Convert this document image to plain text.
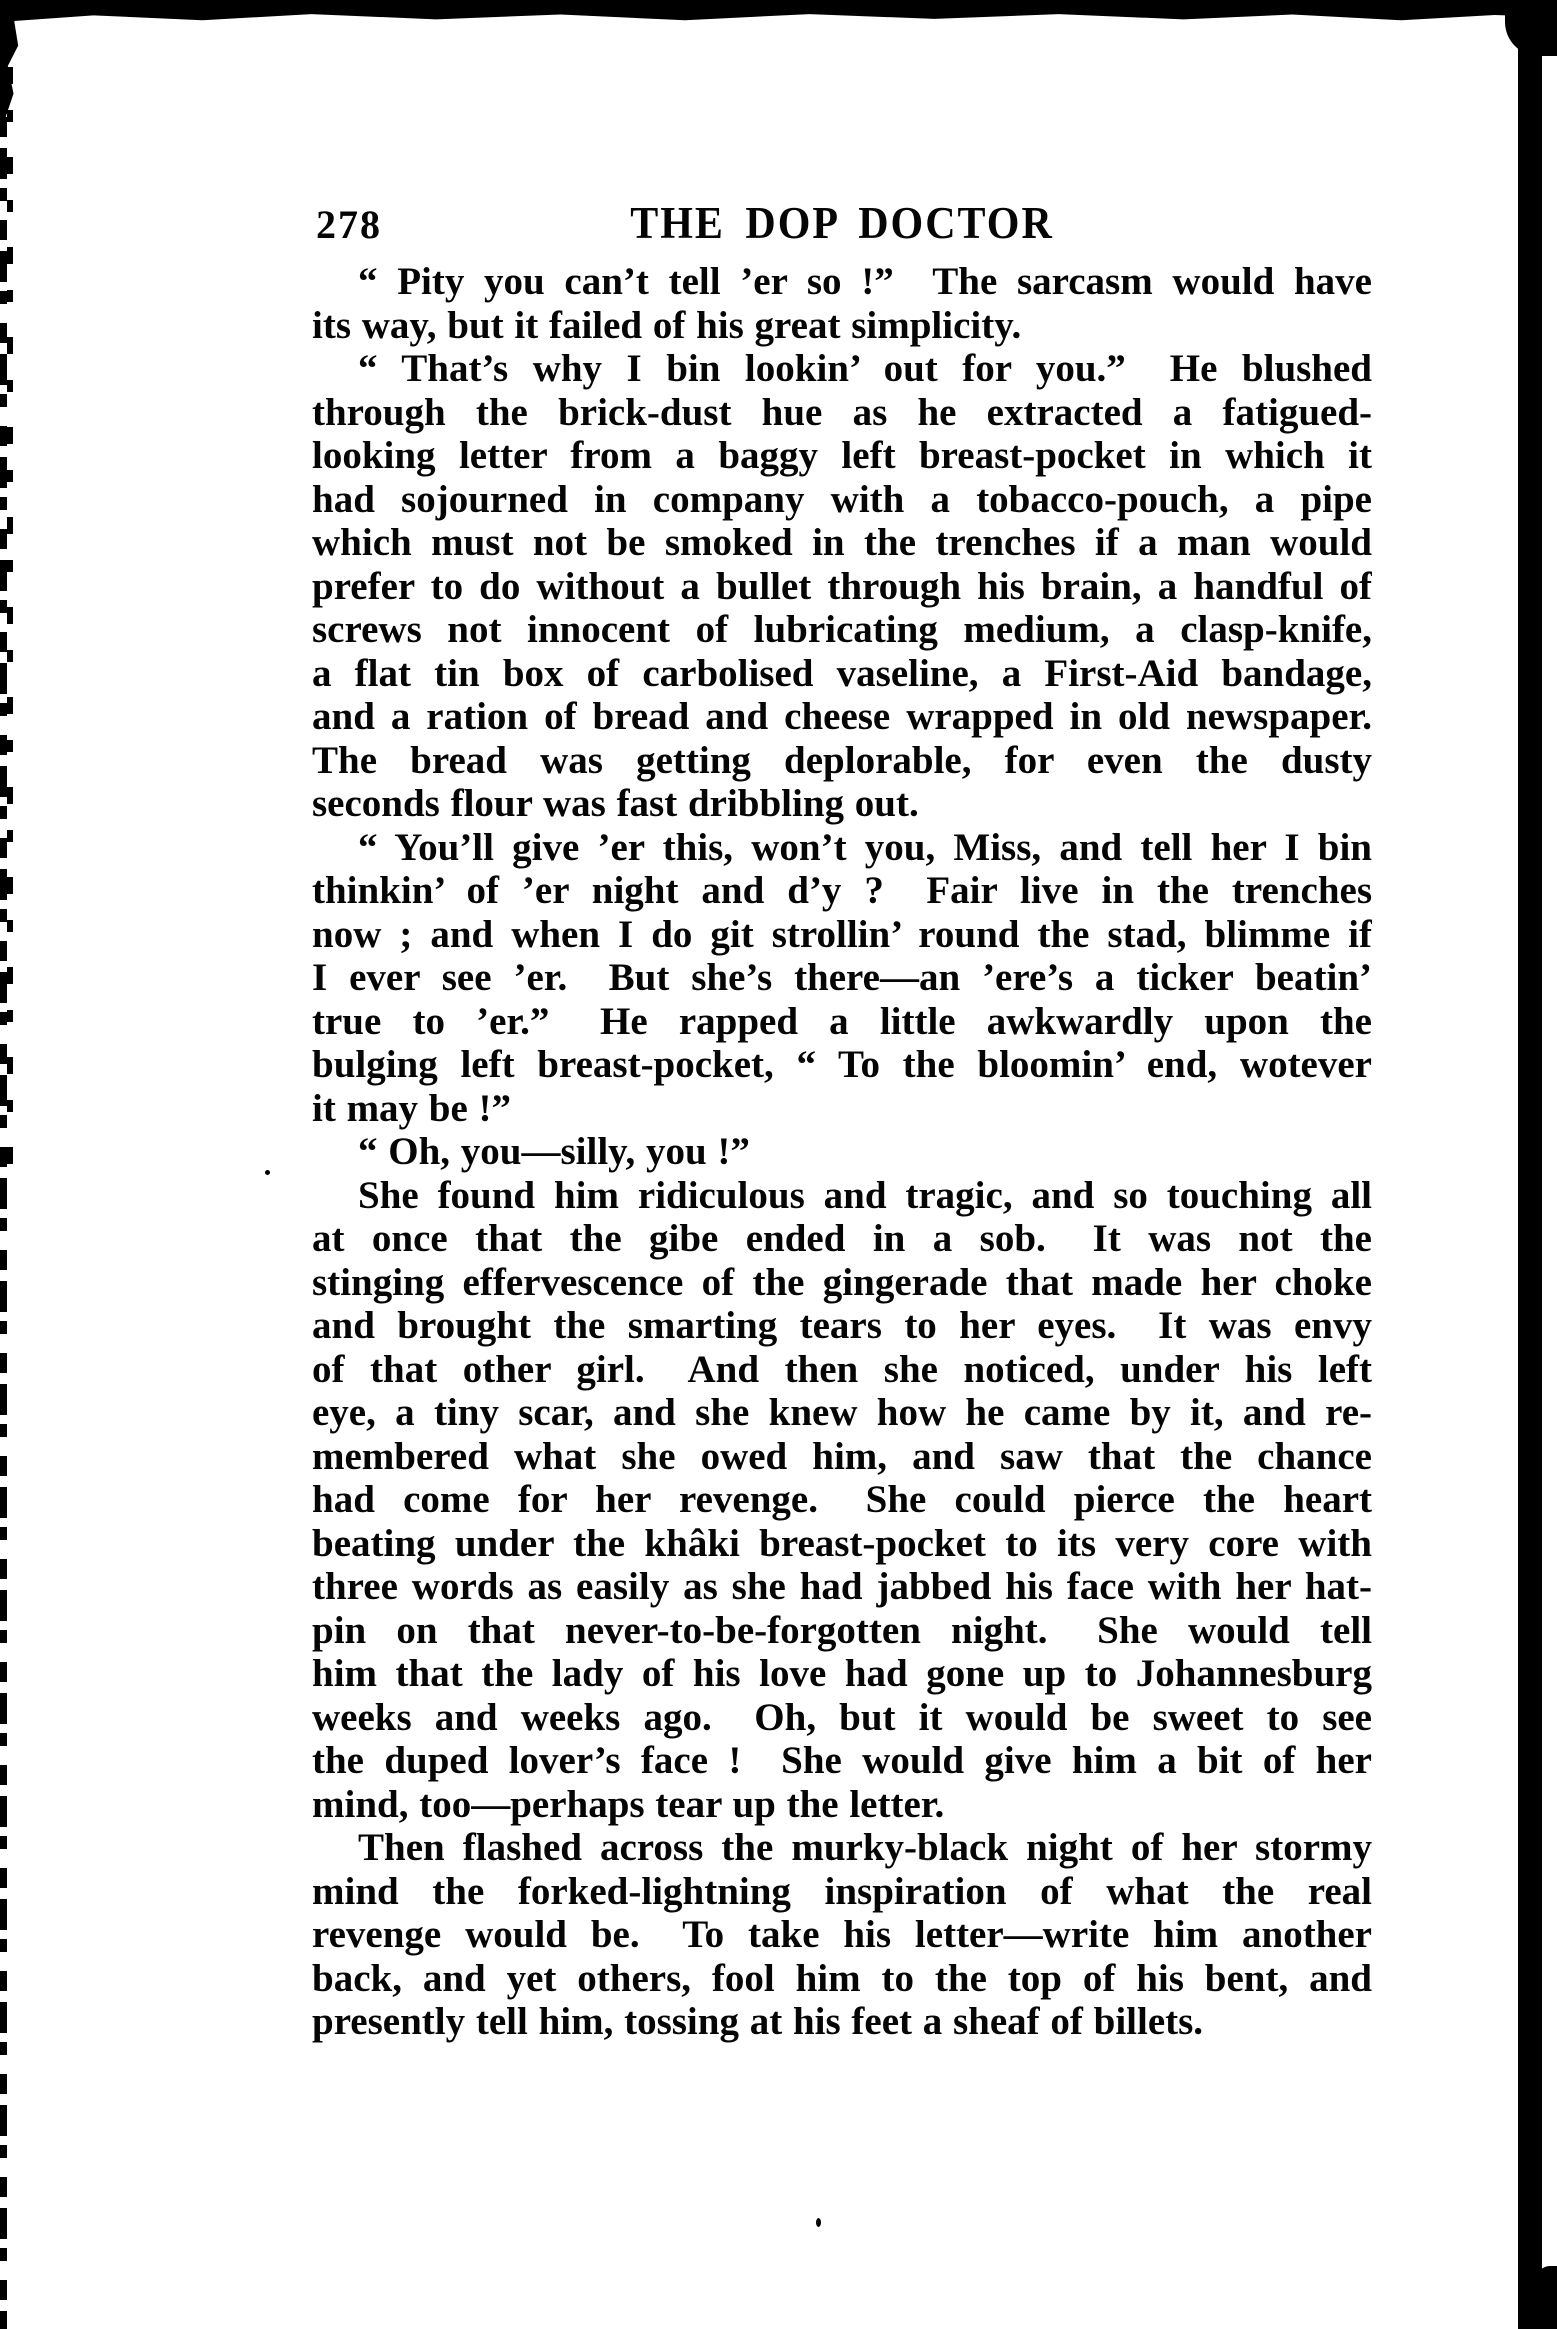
278	THE DOP DOCTOR
“ Pity you can’t tell ’er so !”  The sarcasm would have
its way, but it failed of his great simplicity.
“ That’s why I bin lookin’ out for you.”  He blushed
through the brick-dust hue as he extracted a fatigued-
looking letter from a baggy left breast-pocket in which it
had sojourned in company with a tobacco-pouch, a pipe
which must not be smoked in the trenches if a man would
prefer to do without a bullet through his brain, a handful of
screws not innocent of lubricating medium, a clasp-knife,
a flat tin box of carbolised vaseline, a First-Aid bandage,
and a ration of bread and cheese wrapped in old newspaper.
The bread was getting deplorable, for even the dusty
seconds flour was fast dribbling out.
“ You’ll give ’er this, won’t you, Miss, and tell her I bin
thinkin’ of ’er night and d’y ?  Fair live in the trenches
now ; and when I do git strollin’ round the stad, blimme if
I ever see ’er.  But she’s there—an ’ere’s a ticker beatin’
true to ’er.”  He rapped a little awkwardly upon the
bulging left breast-pocket, “ To the bloomin’ end, wotever
it may be !”
“ Oh, you—silly, you !”
She found him ridiculous and tragic, and so touching all
at once that the gibe ended in a sob.  It was not the
stinging effervescence of the gingerade that made her choke
and brought the smarting tears to her eyes.  It was envy
of that other girl.  And then she noticed, under his left
eye, a tiny scar, and she knew how he came by it, and re-
membered what she owed him, and saw that the chance
had come for her revenge.  She could pierce the heart
beating under the khâki breast-pocket to its very core with
three words as easily as she had jabbed his face with her hat-
pin on that never-to-be-forgotten night.  She would tell
him that the lady of his love had gone up to Johannesburg
weeks and weeks ago.  Oh, but it would be sweet to see
the duped lover’s face !  She would give him a bit of her
mind, too—perhaps tear up the letter.
Then flashed across the murky-black night of her stormy
mind the forked-lightning inspiration of what the real
revenge would be.  To take his letter—write him another
back, and yet others, fool him to the top of his bent, and
presently tell him, tossing at his feet a sheaf of billets.
